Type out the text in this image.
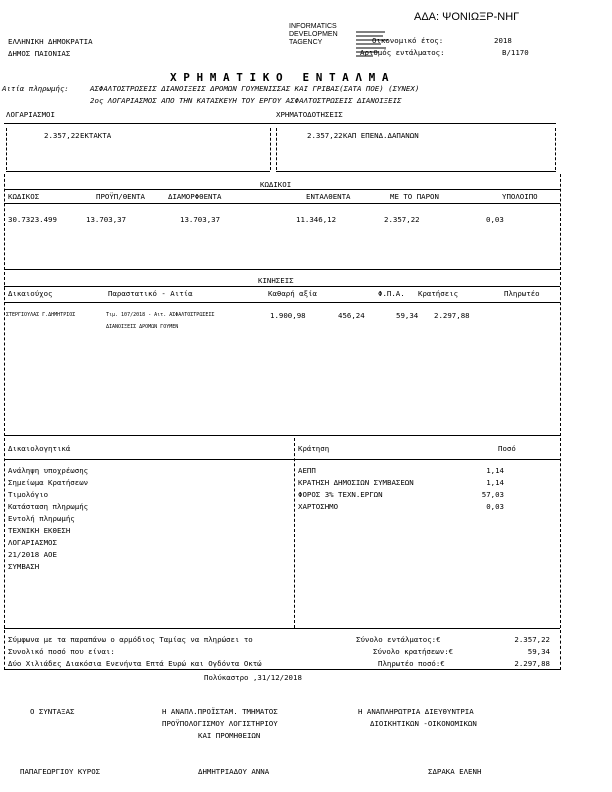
ΑΔΑ: ΨΟΝΙΩΞΡ-ΝΗΓ
ΕΛΛΗΝΙΚΗ ΔΗΜΟΚΡΑΤΙΑ
ΔΗΜΟΣ ΠΑΙΟΝΙΑΣ
INFORMATICS
DEVELOPMEN
TAGENCY

	Οικονομικό έτος:	2018
Αριθμός εντάλματος:	Β/1170
Χ Ρ Η Μ Α Τ Ι Κ Ο   Ε Ν Τ Α Λ Μ Α
Αιτία πληρωμής:	ΑΣΦΑΛΤΟΣΤΡΩΣΕΙΣ ΔΙΑΝΟΙΞΕΙΣ ΔΡΟΜΩΝ ΓΟΥΜΕΝΙΣΣΑΣ ΚΑΙ ΓΡΙΒΑΣ(ΣΑΤΑ ΠΟΕ) (ΣΥΝΕΧ)
2ος ΛΟΓΑΡΙΑΣΜΟΣ ΑΠΟ ΤΗΝ ΚΑΤΑΣΚΕΥΗ ΤΟΥ ΕΡΓΟΥ ΑΣΦΑΛΤΟΣΤΡΩΣΕΙΣ ΔΙΑΝΟΙΞΕΙΣ
ΛΟΓΑΡΙΑΣΜΟΙ	ΧΡΗΜΑΤΟΔΟΤΗΣΕΙΣ
2.357,22 ΕΚΤΑΚΤΑ	2.357,22 ΚΑΠ ΕΠΕΝΔ.ΔΑΠΑΝΩΝ
ΚΩΔΙΚΟΙ
ΚΩΔΙΚΟΣ	ΠΡΟΫΠ/ΘΕΝΤΑ	ΔΙΑΜΟΡΦΘΕΝΤΑ	ΕΝΤΑΛΘΕΝΤΑ	ΜΕ ΤΟ ΠΑΡΟΝ	ΥΠΟΛΟΙΠΟ
30.7323.499	13.703,37	13.703,37	11.346,12	2.357,22	0,03
ΚΙΝΗΣΕΙΣ
Δικαιούχος	Παραστατικό - Αιτία	Καθαρή αξία	Φ.Π.Α. Κρατήσεις	Πληρωτέο
ΣΤΕΡΓΙΟΥΛΑΣ Γ.ΔΗΜΗΤΡΙΟΣ	Τιμ. 107/2018 - Αιτ. ΑΣΦΑΛΤΟΣΤΡΩΣΕΙΣ
ΔΙΑΝΟΙΞΕΙΣ ΔΡΟΜΩΝ ΓΟΥΜΕΝ
1.900,98	456,24	59,34 2.297,88
Δικαιολογητικά	Κράτηση	Ποσό
Ανάληψη υποχρέωσης
Σημείωμα Κρατήσεων
Τιμολόγιο
Κατάσταση πληρωμής
Εντολή πληρωμής
ΤΕΧΝΙΚΗ ΕΚΘΕΣΗ
ΛΟΓΑΡΙΑΣΜΟΣ
21/2018 ΑΟΕ
ΣΥΜΒΑΣΗ
ΑΕΠΠ	1,14
ΚΡΑΤΗΣΗ ΔΗΜΟΣΙΩΝ ΣΥΜΒΑΣΕΩΝ	1,14
ΦΟΡΟΣ 3% ΤΕΧΝ.ΕΡΓΩΝ	57,03
ΧΑΡΤΟΣΗΜΟ	0,03
Σύμφωνα με τα παραπάνω ο αρμόδιος Ταμίας να πληρώσει το
Συνολικό ποσό που είναι:
Δύο Χιλιάδες Διακόσια Ενενήντα Επτά Ευρώ και Ογδόντα Οκτώ
Σύνολο εντάλματος:€	2.357,22
Σύνολο κρατήσεων:€	59,34
Πληρωτέο ποσό:€	2.297,88
Πολύκαστρο ,31/12/2018
Ο ΣΥΝΤΑΞΑΣ	Η ΑΝΑΠΛ.ΠΡΟΪΣΤΑΜ. ΤΜΗΜΑΤΟΣ
ΠΡΟΫΠΟΛΟΓΙΣΜΟΥ ΛΟΓΙΣΤΗΡΙΟΥ
ΚΑΙ ΠΡΟΜΗΘΕΙΩΝ
Η ΑΝΑΠΛΗΡΩΤΡΙΑ ΔΙΕΥΘΥΝΤΡΙΑ
ΔΙΟΙΚΗΤΙΚΩΝ -ΟΙΚΟΝΟΜΙΚΩΝ
ΠΑΠΑΓΕΩΡΓΙΟΥ ΚΥΡΟΣ	ΔΗΜΗΤΡΙΑΔΟΥ ΑΝΝΑ	ΣΔΡΑΚΑ ΕΛΕΝΗ
